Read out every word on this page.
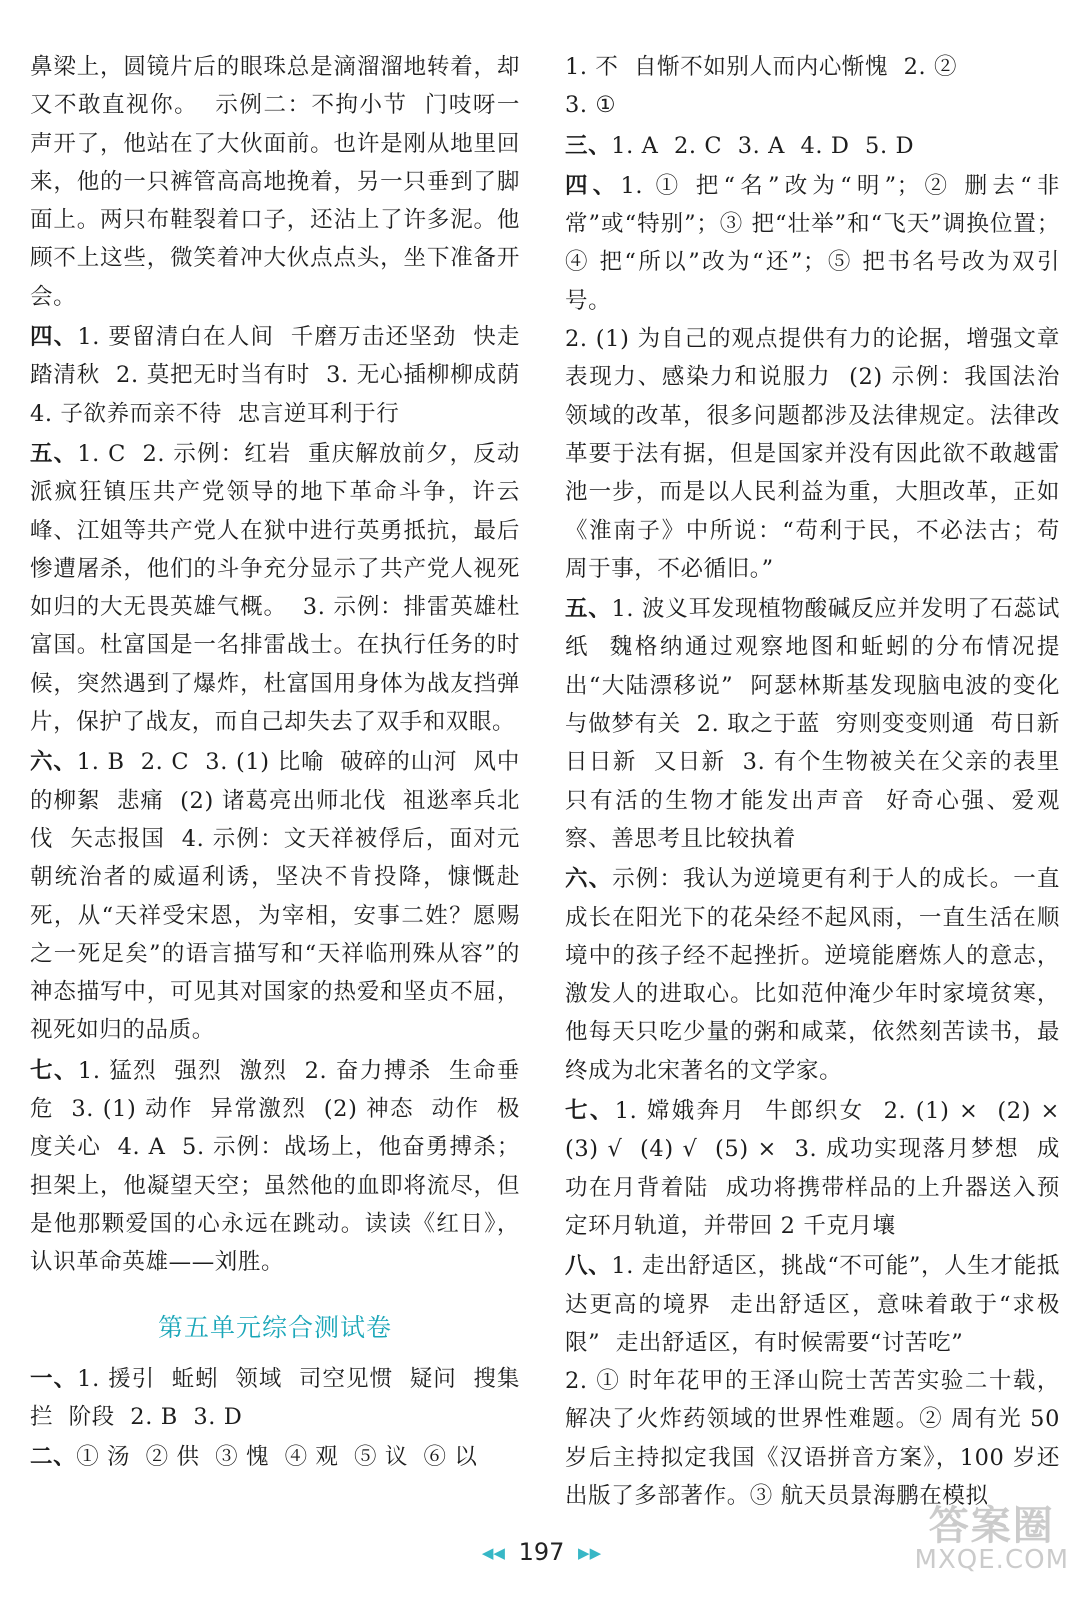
鼻梁上，圆镜片后的眼珠总是滴溜溜地转着，却又不敢直视你。  示例二：不拘小节  门吱呀一声开了，他站在了大伙面前。也许是刚从地里回来，他的一只裤管高高地挽着，另一只垂到了脚面上。两只布鞋裂着口子，还沾上了许多泥。他顾不上这些，微笑着冲大伙点点头，坐下准备开会。
四、1. 要留清白在人间  千磨万击还坚劲  快走踏清秋  2. 莫把无时当有时  3. 无心插柳柳成荫  4. 子欲养而亲不待  忠言逆耳利于行
五、1. C  2. 示例：红岩  重庆解放前夕，反动派疯狂镇压共产党领导的地下革命斗争，许云峰、江姐等共产党人在狱中进行英勇抵抗，最后惨遭屠杀，他们的斗争充分显示了共产党人视死如归的大无畏英雄气概。  3. 示例：排雷英雄杜富国。杜富国是一名排雷战士。在执行任务的时候，突然遇到了爆炸，杜富国用身体为战友挡弹片，保护了战友，而自己却失去了双手和双眼。
六、1. B  2. C  3. (1) 比喻  破碎的山河  风中的柳絮  悲痛  (2) 诸葛亮出师北伐  祖逖率兵北伐  矢志报国  4. 示例：文天祥被俘后，面对元朝统治者的威逼利诱，坚决不肯投降，慷慨赴死，从“天祥受宋恩，为宰相，安事二姓？愿赐之一死足矣”的语言描写和“天祥临刑殊从容”的神态描写中，可见其对国家的热爱和坚贞不屈，视死如归的品质。
七、1. 猛烈  强烈  激烈  2. 奋力搏杀  生命垂危  3. (1) 动作  异常激烈  (2) 神态  动作  极度关心  4. A  5. 示例：战场上，他奋勇搏杀；担架上，他凝望天空；虽然他的血即将流尽，但是他那颗爱国的心永远在跳动。读读《红日》，认识革命英雄——刘胜。
第五单元综合测试卷
一、1. 援引  蚯蚓  领域  司空见惯  疑问  搜集  拦  阶段  2. B  3. D
二、① 汤  ② 供  ③ 愧  ④ 观  ⑤ 议  ⑥ 以
1. 不  自惭不如别人而内心惭愧  2. ②
3. ①
三、1. A  2. C  3. A  4. D  5. D
四、1. ① 把“名”改为“明”；② 删去“非常”或“特别”；③ 把“壮举”和“飞天”调换位置；④ 把“所以”改为“还”；⑤ 把书名号改为双引号。
2. (1) 为自己的观点提供有力的论据，增强文章表现力、感染力和说服力  (2) 示例：我国法治领域的改革，很多问题都涉及法律规定。法律改革要于法有据，但是国家并没有因此欲不敢越雷池一步，而是以人民利益为重，大胆改革，正如《淮南子》中所说：“苟利于民，不必法古；苟周于事，不必循旧。”
五、1. 波义耳发现植物酸碱反应并发明了石蕊试纸  魏格纳通过观察地图和蚯蚓的分布情况提出“大陆漂移说”  阿瑟林斯基发现脑电波的变化与做梦有关  2. 取之于蓝  穷则变变则通  苟日新  日日新  又日新  3. 有个生物被关在父亲的表里  只有活的生物才能发出声音  好奇心强、爱观察、善思考且比较执着
六、示例：我认为逆境更有利于人的成长。一直成长在阳光下的花朵经不起风雨，一直生活在顺境中的孩子经不起挫折。逆境能磨炼人的意志，激发人的进取心。比如范仲淹少年时家境贫寒，他每天只吃少量的粥和咸菜，依然刻苦读书，最终成为北宋著名的文学家。
七、1. 嫦娥奔月  牛郎织女  2. (1) ×  (2) ×  (3) √  (4) √  (5) ×  3. 成功实现落月梦想  成功在月背着陆  成功将携带样品的上升器送入预定环月轨道，并带回 2 千克月壤
八、1. 走出舒适区，挑战“不可能”，人生才能抵达更高的境界  走出舒适区，意味着敢于“求极限”  走出舒适区，有时候需要“讨苦吃”
2. ① 时年花甲的王泽山院士苦苦实验二十载，解决了火炸药领域的世界性难题。② 周有光 50 岁后主持拟定我国《汉语拼音方案》，100 岁还出版了多部著作。③ 航天员景海鹏在模拟
◀◀ 197 ▶▶
答案圈
MXQE.COM
